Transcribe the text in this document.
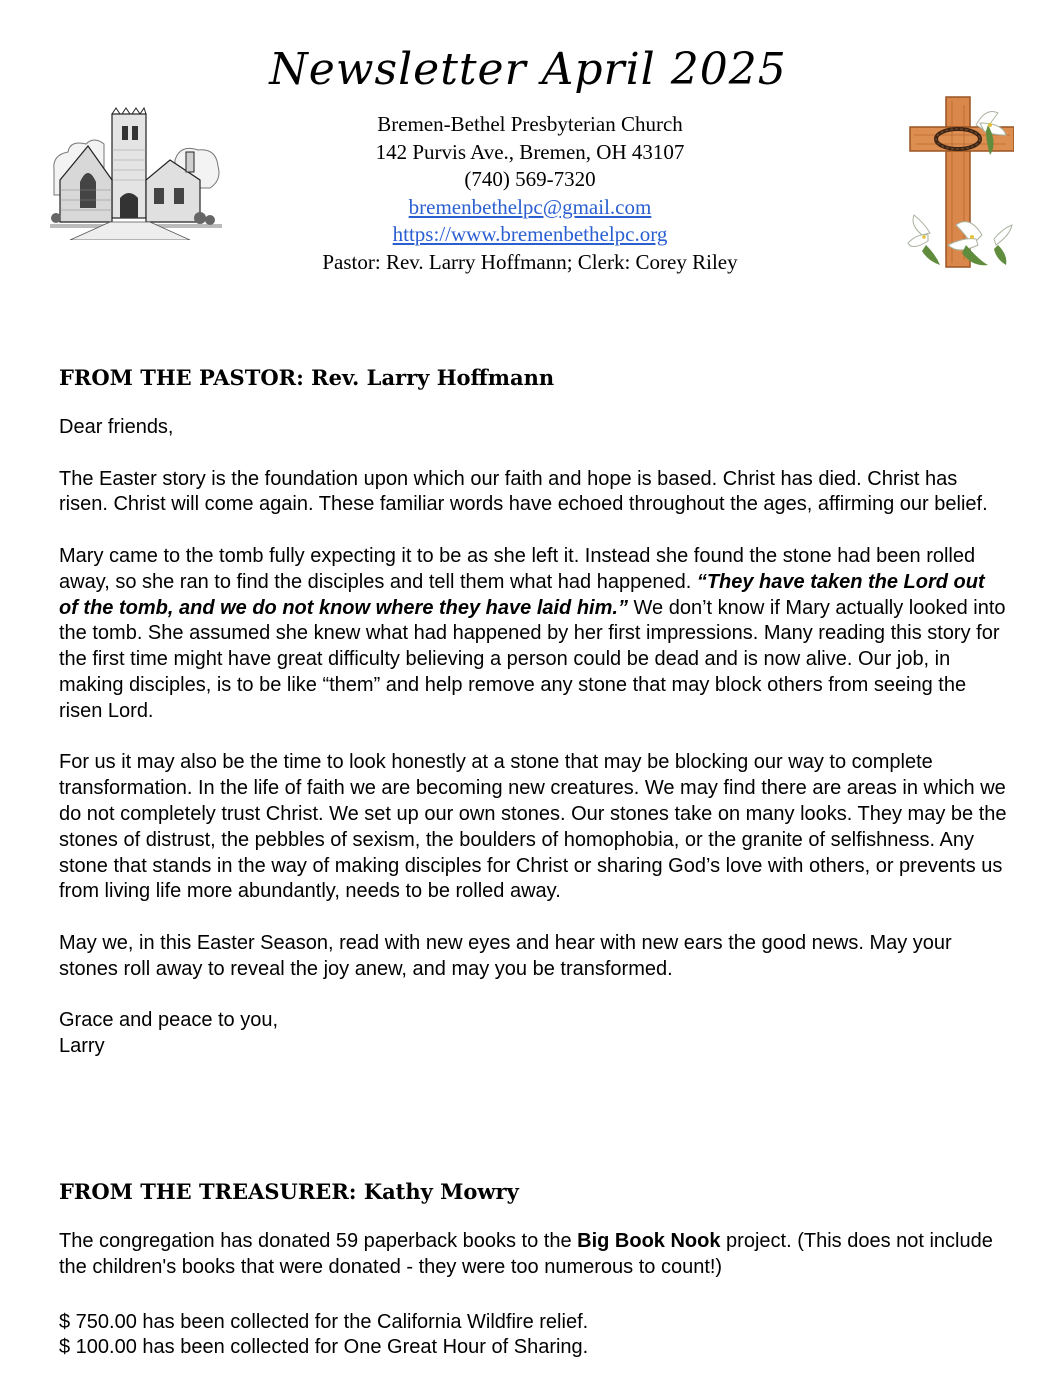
Newsletter April 2025
Bremen-Bethel Presbyterian Church
142 Purvis Ave., Bremen, OH 43107
(740) 569-7320
bremenbethelpc@gmail.com
https://www.bremenbethelpc.org
Pastor: Rev. Larry Hoffmann; Clerk: Corey Riley
FROM THE PASTOR: Rev. Larry Hoffmann

Dear friends,

The Easter story is the foundation upon which our faith and hope is based. Christ has died. Christ has risen. Christ will come again. These familiar words have echoed throughout the ages, affirming our belief.

Mary came to the tomb fully expecting it to be as she left it. Instead she found the stone had been rolled away, so she ran to find the disciples and tell them what had happened. “They have taken the Lord out of the tomb, and we do not know where they have laid him.” We don’t know if Mary actually looked into the tomb. She assumed she knew what had happened by her first impressions. Many reading this story for the first time might have great difficulty believing a person could be dead and is now alive. Our job, in making disciples, is to be like “them” and help remove any stone that may block others from seeing the risen Lord.

For us it may also be the time to look honestly at a stone that may be blocking our way to complete transformation. In the life of faith we are becoming new creatures. We may find there are areas in which we do not completely trust Christ. We set up our own stones. Our stones take on many looks. They may be the stones of distrust, the pebbles of sexism, the boulders of homophobia, or the granite of selfishness. Any stone that stands in the way of making disciples for Christ or sharing God’s love with others, or prevents us from living life more abundantly, needs to be rolled away.

May we, in this Easter Season, read with new eyes and hear with new ears the good news. May your stones roll away to reveal the joy anew, and may you be transformed.

Grace and peace to you,

Larry

FROM THE TREASURER: Kathy Mowry

The congregation has donated 59 paperback books to the Big Book Nook project. (This does not include the children's books that were donated - they were too numerous to count!)

$ 750.00 has been collected for the California Wildfire relief.

$ 100.00 has been collected for One Great Hour of Sharing.
